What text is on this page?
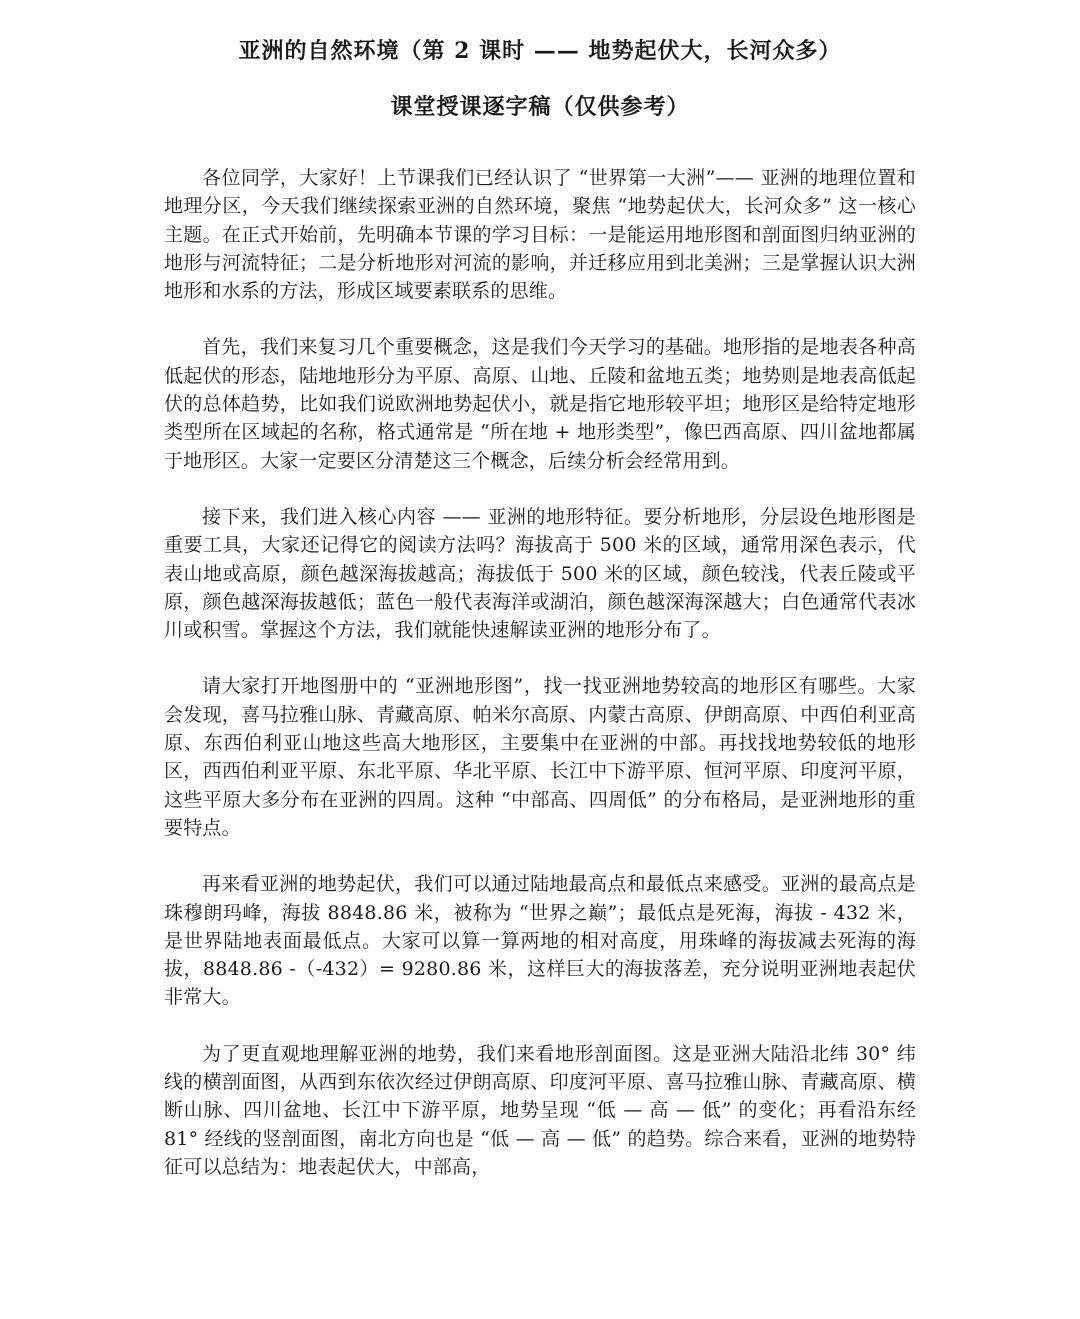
亚洲的自然环境（第 2 课时 —— 地势起伏大，长河众多）
课堂授课逐字稿（仅供参考）

各位同学，大家好！上节课我们已经认识了 “世界第一大洲”—— 亚洲的地理位置和地理分区，今天我们继续探索亚洲的自然环境，聚焦 “地势起伏大，长河众多” 这一核心主题。在正式开始前，先明确本节课的学习目标：一是能运用地形图和剖面图归纳亚洲的地形与河流特征；二是分析地形对河流的影响，并迁移应用到北美洲；三是掌握认识大洲地形和水系的方法，形成区域要素联系的思维。

首先，我们来复习几个重要概念，这是我们今天学习的基础。地形指的是地表各种高低起伏的形态，陆地地形分为平原、高原、山地、丘陵和盆地五类；地势则是地表高低起伏的总体趋势，比如我们说欧洲地势起伏小，就是指它地形较平坦；地形区是给特定地形类型所在区域起的名称，格式通常是 “所在地 + 地形类型”，像巴西高原、四川盆地都属于地形区。大家一定要区分清楚这三个概念，后续分析会经常用到。

接下来，我们进入核心内容 —— 亚洲的地形特征。要分析地形，分层设色地形图是重要工具，大家还记得它的阅读方法吗？海拔高于 500 米的区域，通常用深色表示，代表山地或高原，颜色越深海拔越高；海拔低于 500 米的区域，颜色较浅，代表丘陵或平原，颜色越深海拔越低；蓝色一般代表海洋或湖泊，颜色越深海深越大；白色通常代表冰川或积雪。掌握这个方法，我们就能快速解读亚洲的地形分布了。

请大家打开地图册中的 “亚洲地形图”，找一找亚洲地势较高的地形区有哪些。大家会发现，喜马拉雅山脉、青藏高原、帕米尔高原、内蒙古高原、伊朗高原、中西伯利亚高原、东西伯利亚山地这些高大地形区，主要集中在亚洲的中部。再找找地势较低的地形区，西西伯利亚平原、东北平原、华北平原、长江中下游平原、恒河平原、印度河平原，这些平原大多分布在亚洲的四周。这种 “中部高、四周低” 的分布格局，是亚洲地形的重要特点。

再来看亚洲的地势起伏，我们可以通过陆地最高点和最低点来感受。亚洲的最高点是珠穆朗玛峰，海拔 8848.86 米，被称为 “世界之巅”；最低点是死海，海拔 - 432 米，是世界陆地表面最低点。大家可以算一算两地的相对高度，用珠峰的海拔减去死海的海拔，8848.86 -（-432）= 9280.86 米，这样巨大的海拔落差，充分说明亚洲地表起伏非常大。

为了更直观地理解亚洲的地势，我们来看地形剖面图。这是亚洲大陆沿北纬 30° 纬线的横剖面图，从西到东依次经过伊朗高原、印度河平原、喜马拉雅山脉、青藏高原、横断山脉、四川盆地、长江中下游平原，地势呈现 “低 — 高 — 低” 的变化；再看沿东经 81° 经线的竖剖面图，南北方向也是 “低 — 高 — 低” 的趋势。综合来看，亚洲的地势特征可以总结为：地表起伏大，中部高，
